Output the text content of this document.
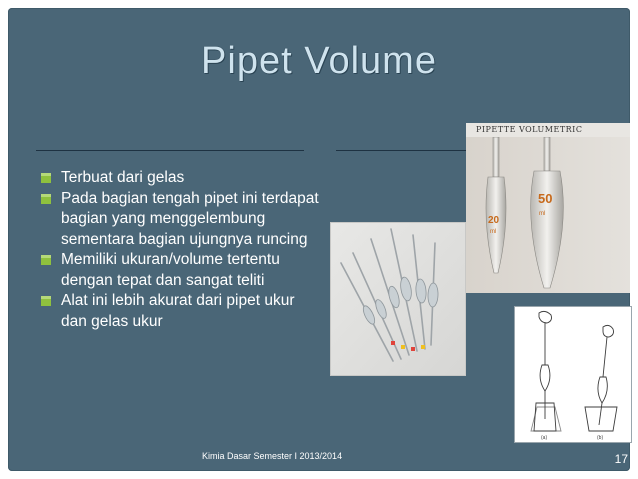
Pipet Volume
Terbuat dari gelas
Pada bagian tengah pipet ini terdapat bagian yang menggelembung sementara bagian ujungnya runcing
Memiliki ukuran/volume tertentu dengan tepat dan sangat teliti
Alat ini lebih akurat dari pipet ukur dan gelas ukur
50
ml
20
ml
PIPETTE VOLUMETRIC
(a)	(b)
Kimia Dasar Semester I 2013/2014	17
